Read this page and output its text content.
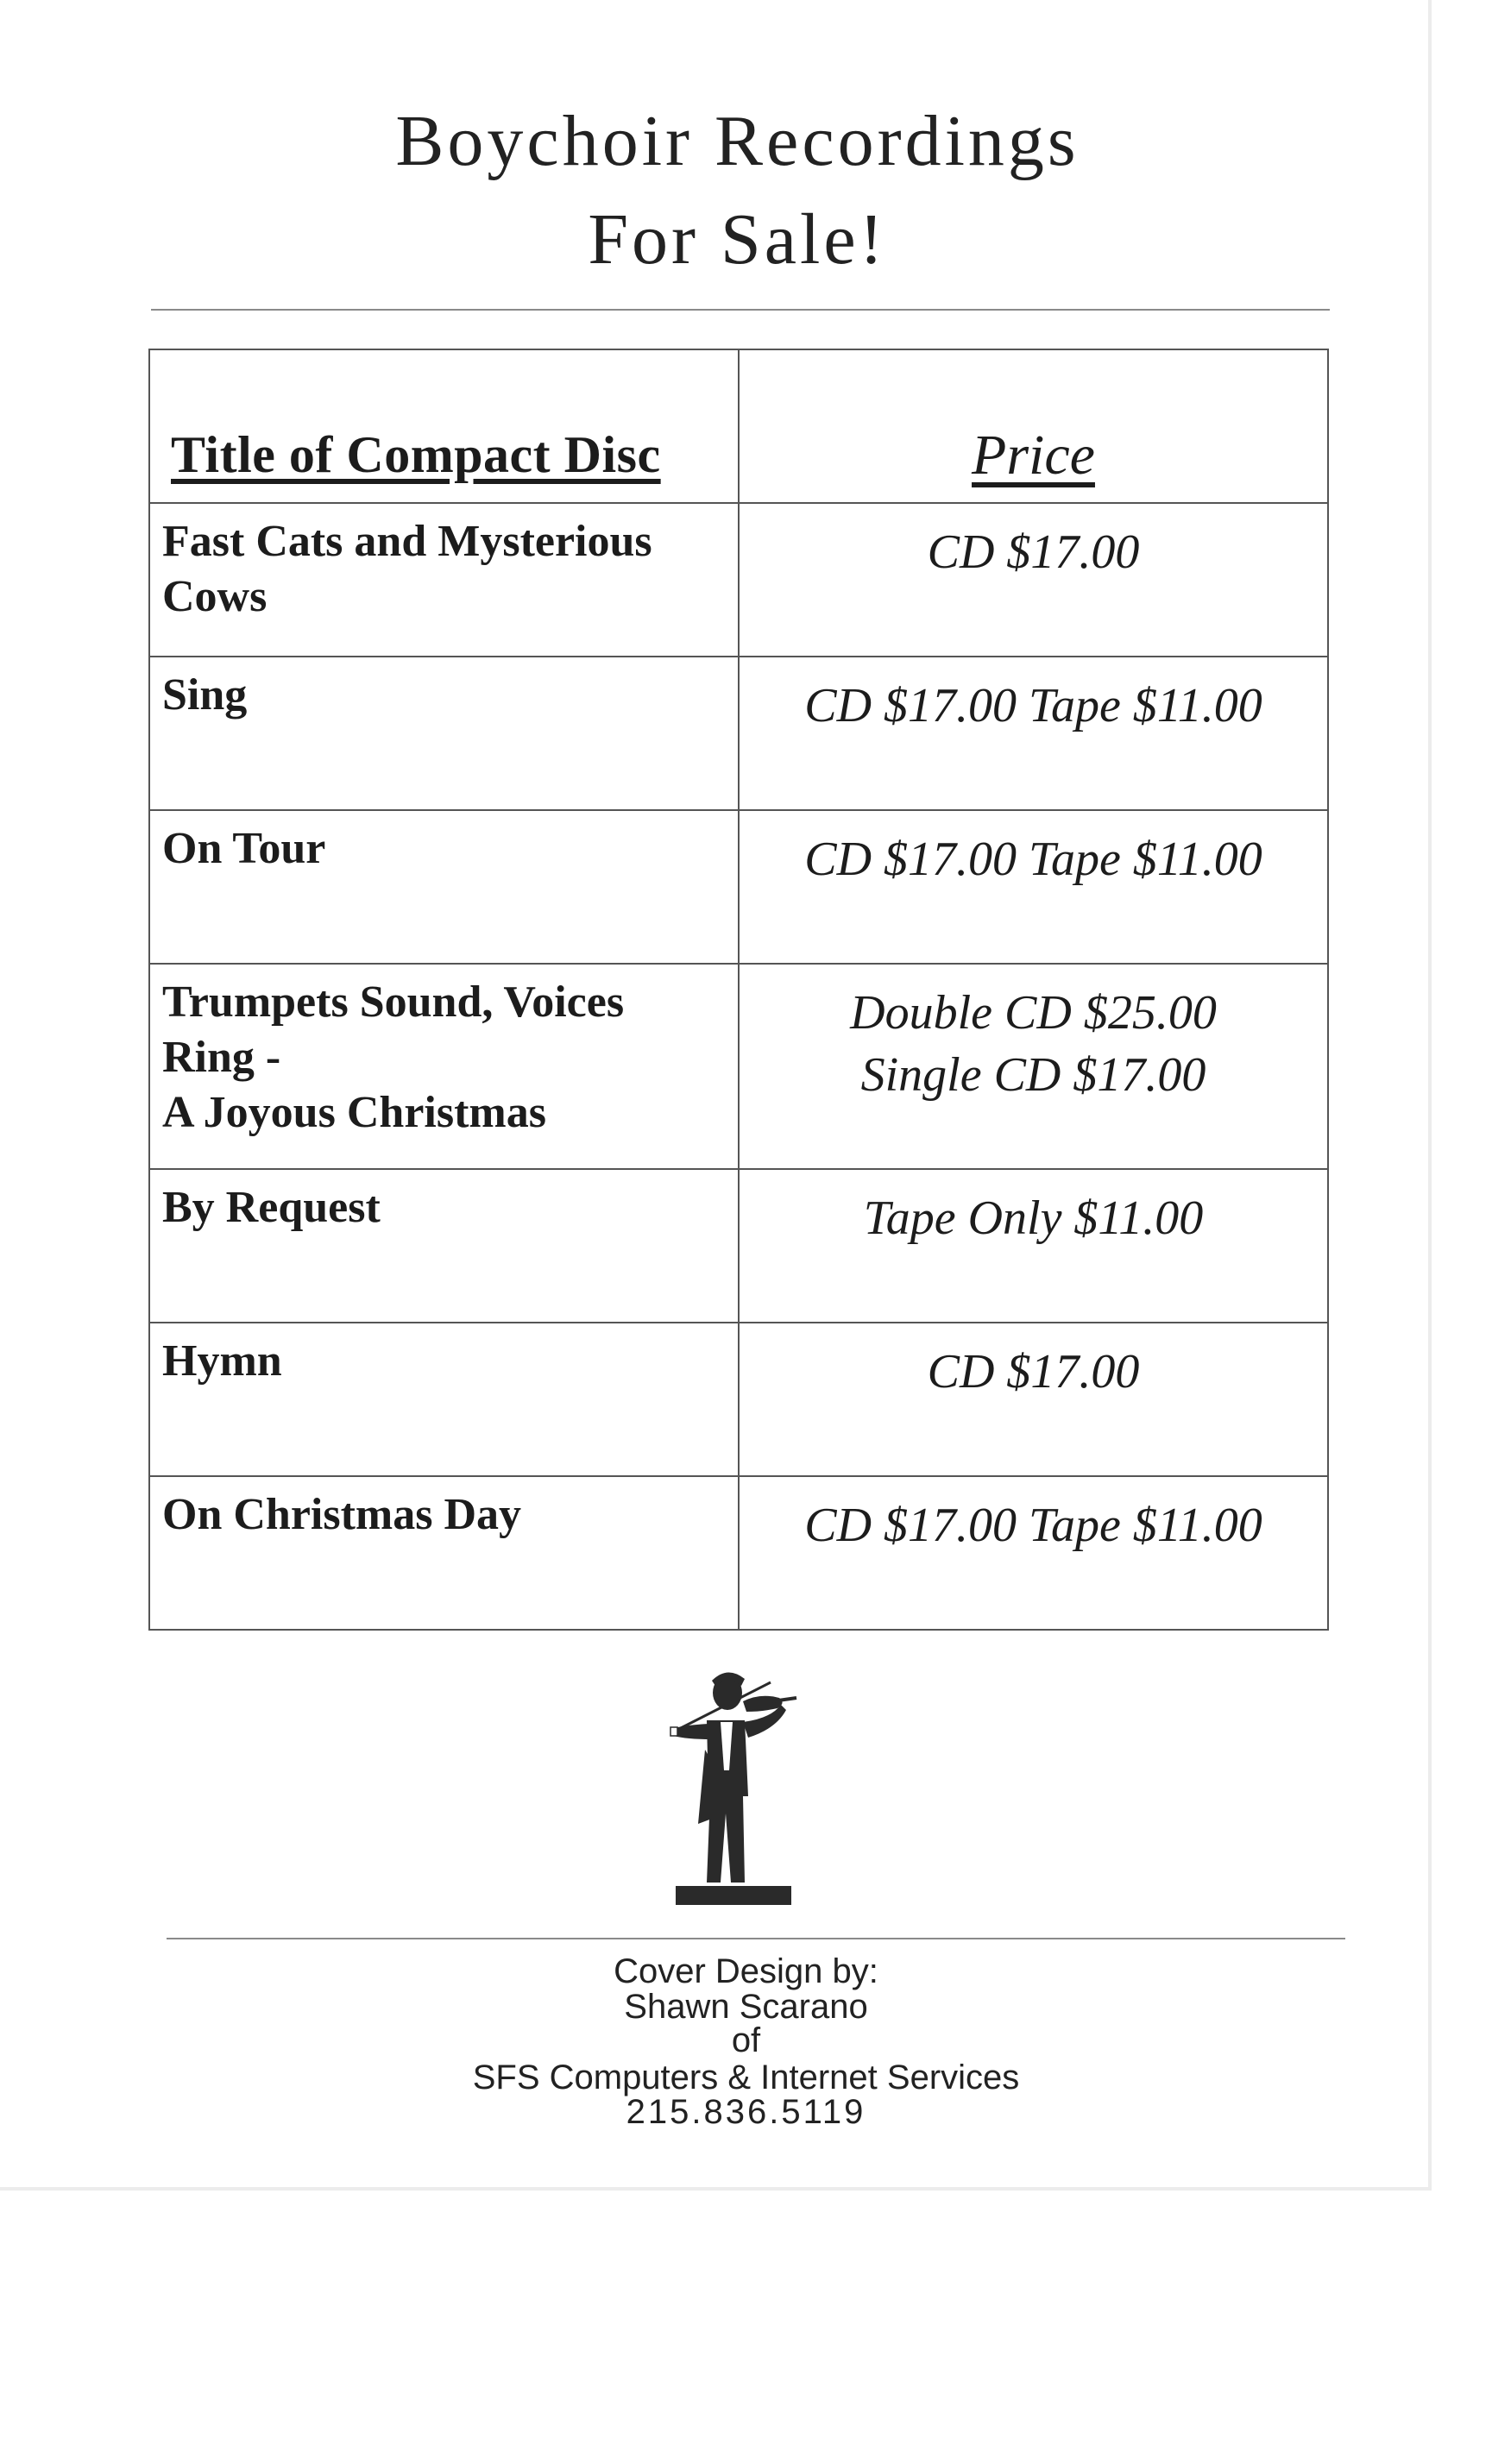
Boychoir Recordings
For Sale!
Title of Compact Disc	Price

Fast Cats and Mysterious Cows	CD $17.00

Sing	CD $17.00 Tape $11.00

On Tour	CD $17.00 Tape $11.00

Trumpets Sound, Voices
Ring -
A Joyous Christmas	Double CD $25.00
Single CD $17.00

By Request	Tape Only $11.00

Hymn	CD $17.00

On Christmas Day	CD $17.00 Tape $11.00
Cover Design by:
Shawn Scarano
of
SFS Computers & Internet Services
215.836.5119
